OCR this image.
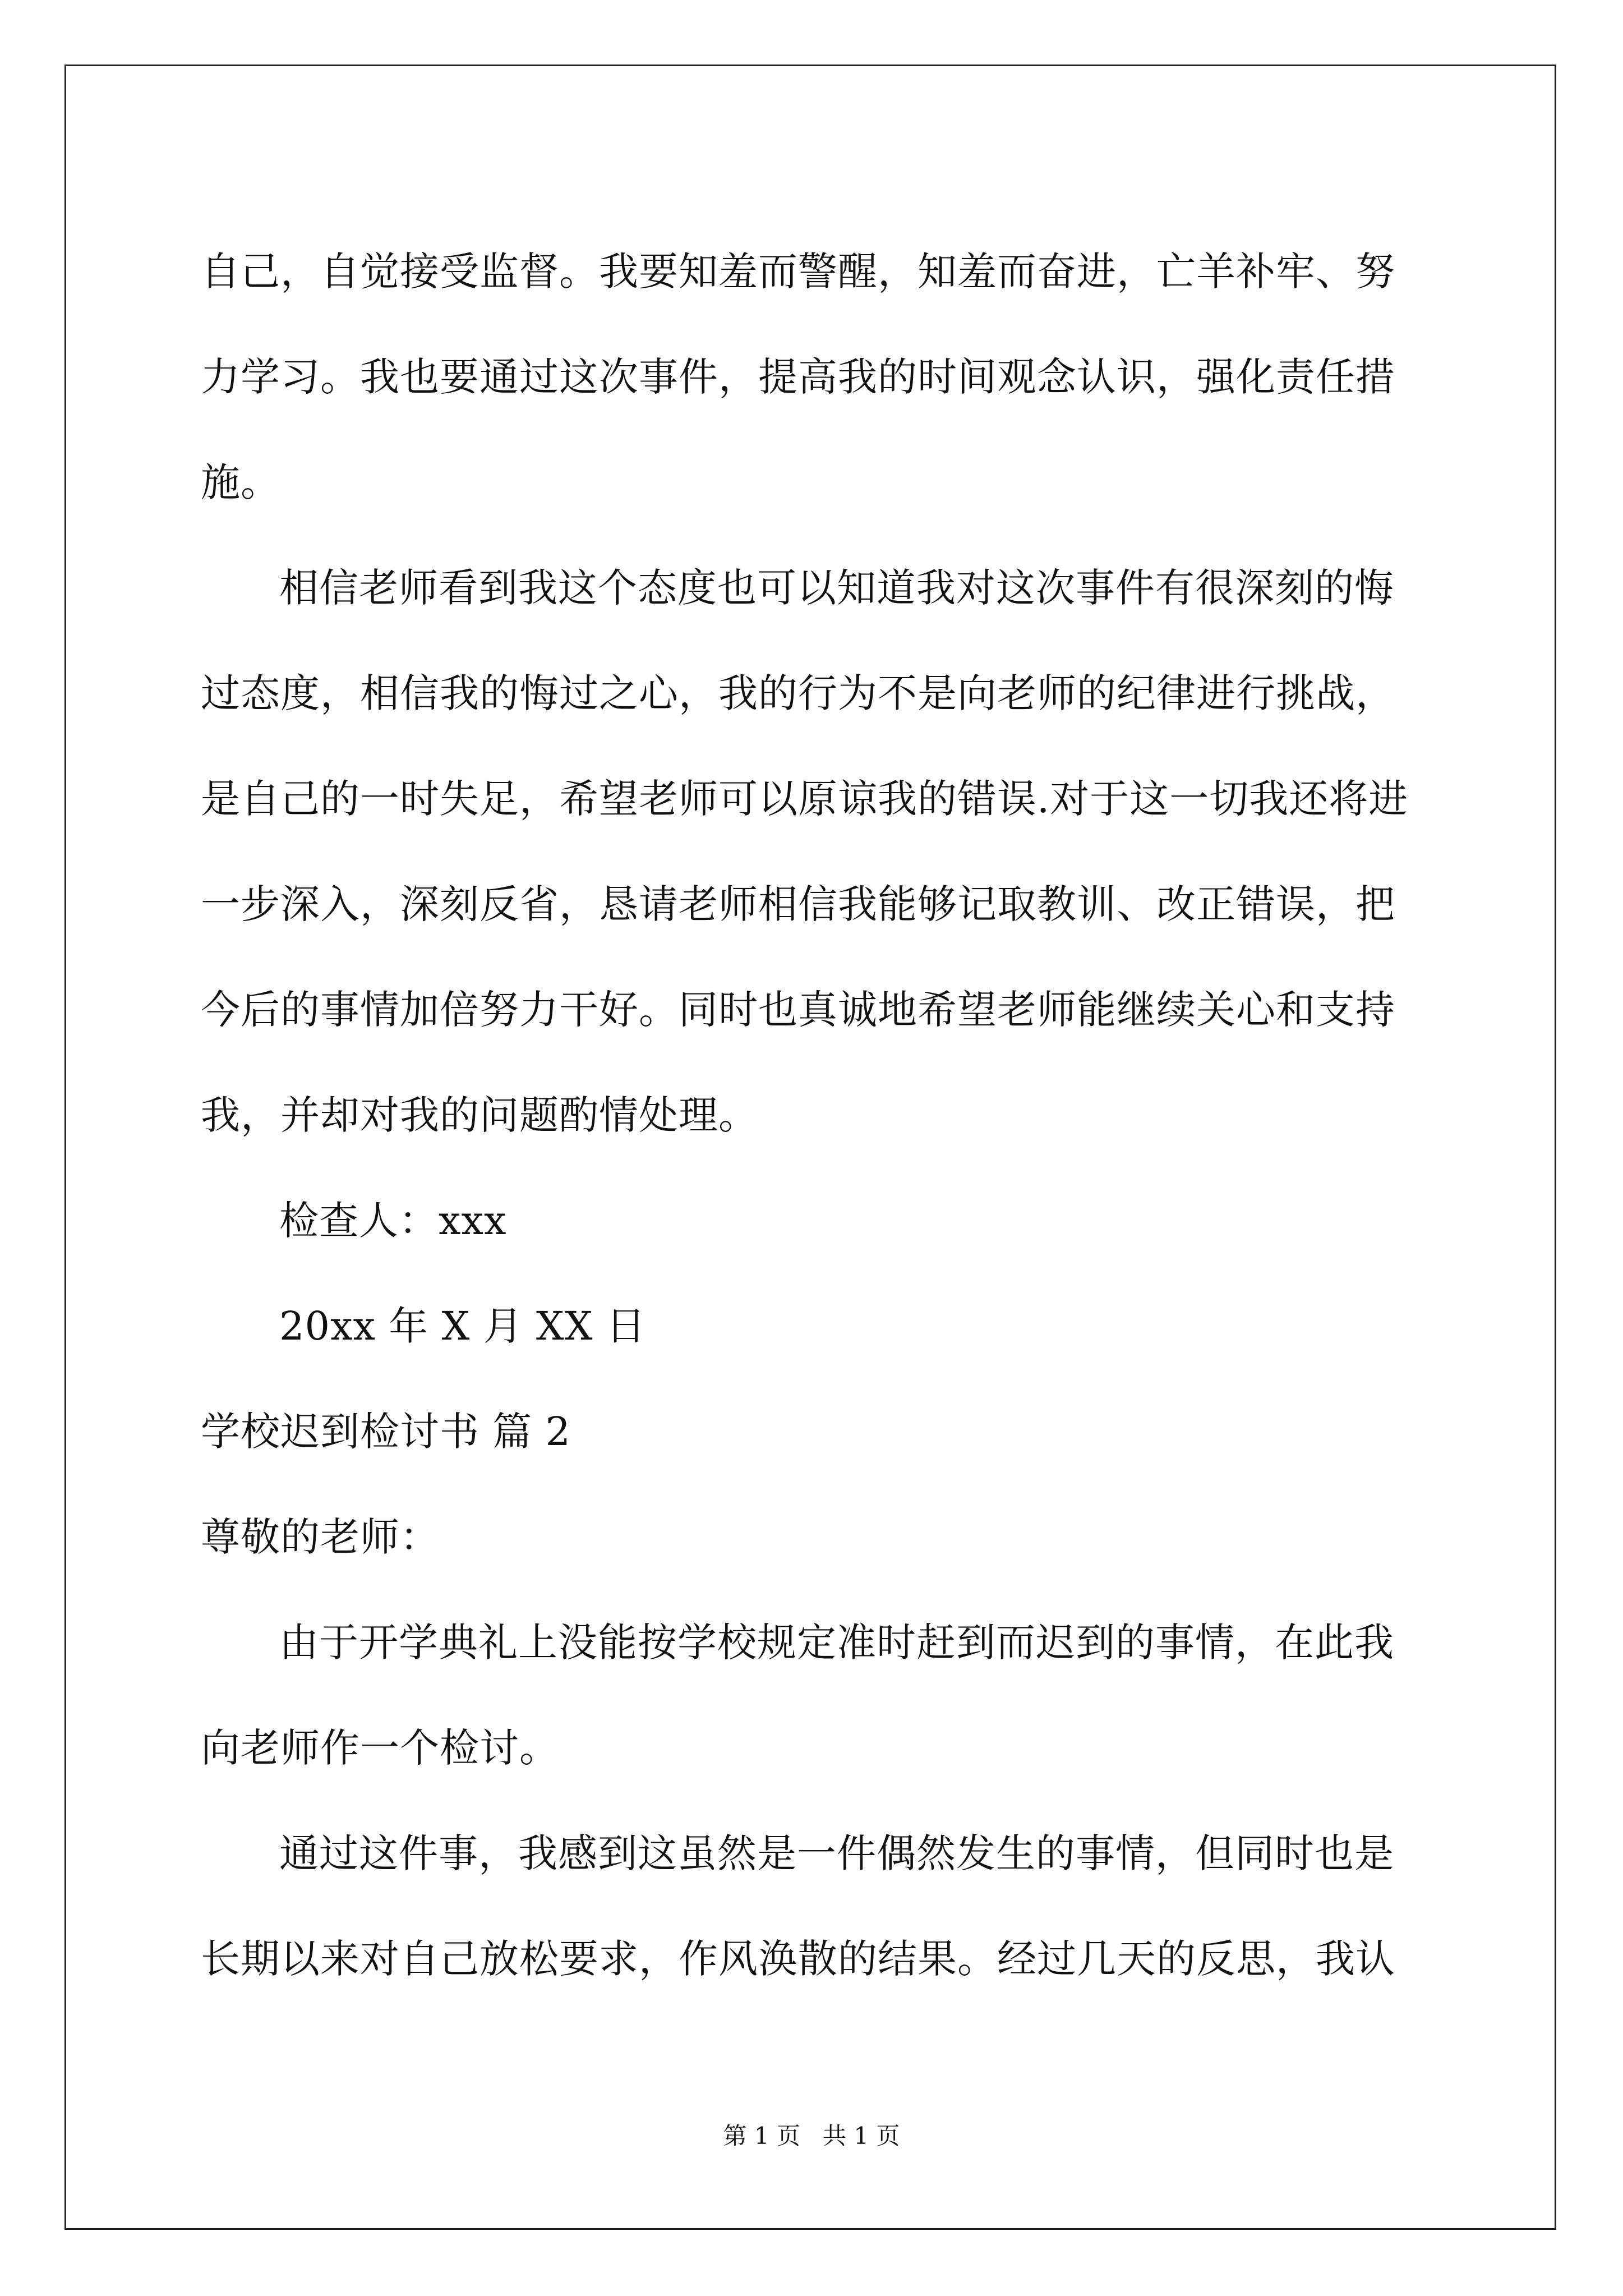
自己，自觉接受监督。我要知羞而警醒，知羞而奋进，亡羊补牢、努
力学习。我也要通过这次事件，提高我的时间观念认识，强化责任措
施。
相信老师看到我这个态度也可以知道我对这次事件有很深刻的悔
过态度，相信我的悔过之心，我的行为不是向老师的纪律进行挑战，
是自己的一时失足，希望老师可以原谅我的错误.对于这一切我还将进
一步深入，深刻反省，恳请老师相信我能够记取教训、改正错误，把
今后的事情加倍努力干好。同时也真诚地希望老师能继续关心和支持
我，并却对我的问题酌情处理。
检查人：xxx
20xx 年 X 月 XX 日
学校迟到检讨书 篇 2
尊敬的老师：
由于开学典礼上没能按学校规定准时赶到而迟到的事情，在此我
向老师作一个检讨。
通过这件事，我感到这虽然是一件偶然发生的事情，但同时也是
长期以来对自己放松要求，作风涣散的结果。经过几天的反思，我认
第 1 页   共 1 页
